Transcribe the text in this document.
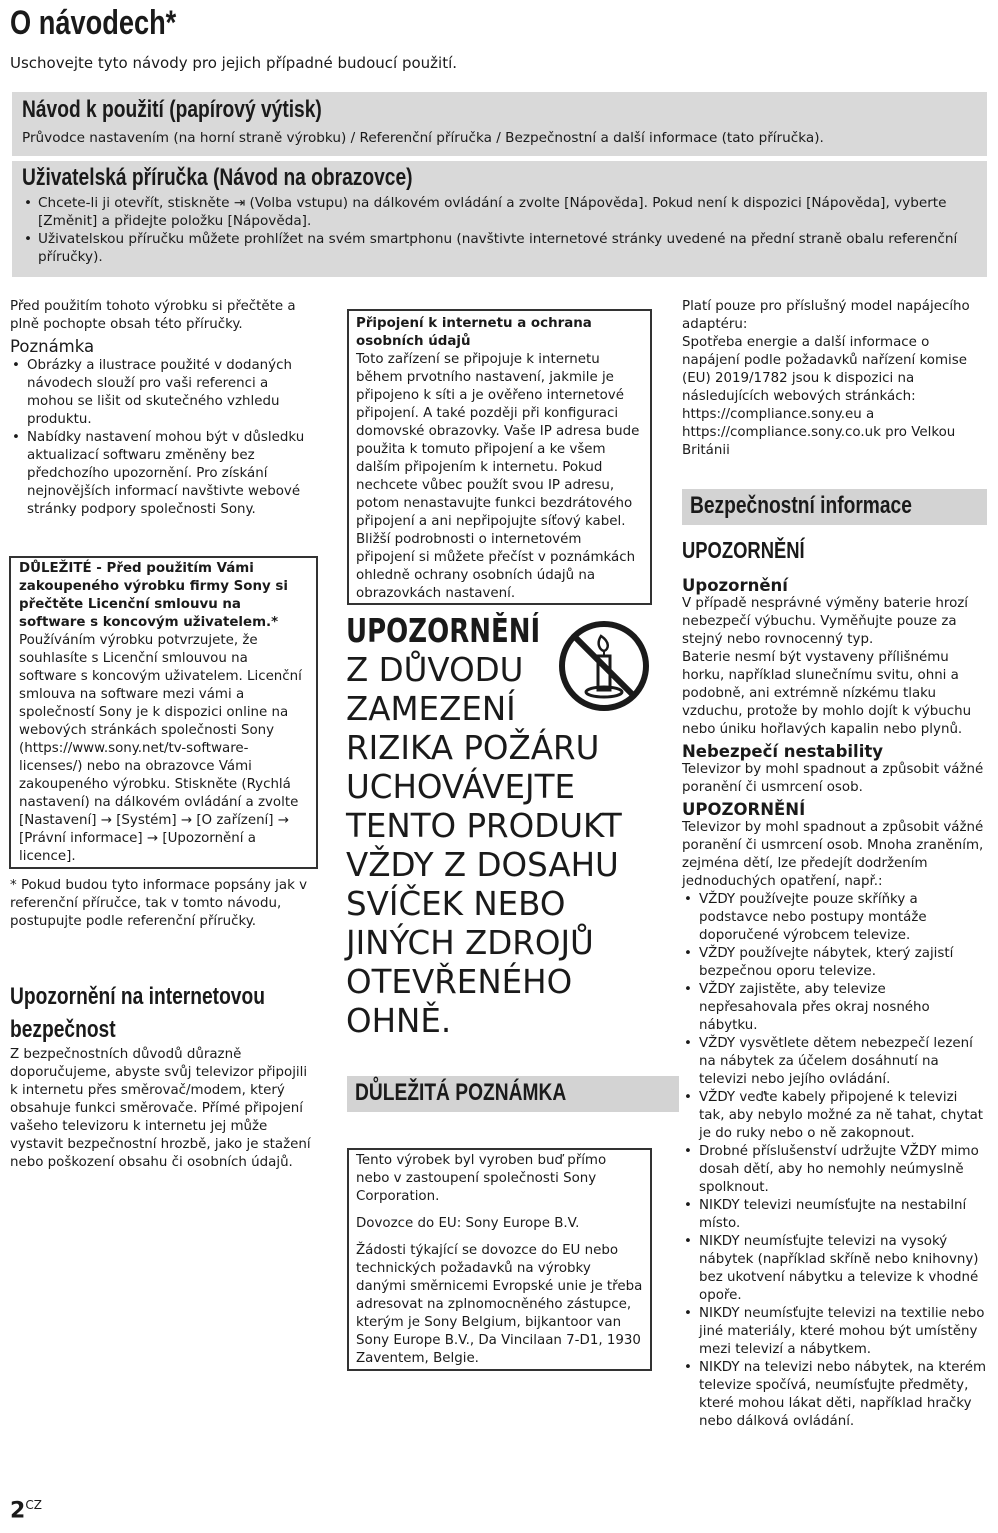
O návodech*
Uschovejte tyto návody pro jejich případné budoucí použití.
Návod k použití (papírový výtisk)
Průvodce nastavením (na horní straně výrobku) / Referenční příručka / Bezpečnostní a další informace (tato příručka).
Uživatelská příručka (Návod na obrazovce)
• Chcete-li ji otevřít, stiskněte ⇥ (Volba vstupu) na dálkovém ovládání a zvolte [Nápověda]. Pokud není k dispozici [Nápověda], vyberte [Změnit] a přidejte položku [Nápověda].
• Uživatelskou příručku můžete prohlížet na svém smartphonu (navštivte internetové stránky uvedené na přední straně obalu referenční příručky).

Před použitím tohoto výrobku si přečtěte a plně pochopte obsah této příručky.

Poznámka
• Obrázky a ilustrace použité v dodaných návodech slouží pro vaši referenci a mohou se lišit od skutečného vzhledu produktu.
• Nabídky nastavení mohou být v důsledku aktualizací softwaru změněny bez předchozího upozornění. Pro získání nejnovějších informací navštivte webové stránky podpory společnosti Sony.
DŮLEŽITÉ - Před použitím Vámi zakoupeného výrobku firmy Sony si přečtěte Licenční smlouvu na software s koncovým uživatelem.* Používáním výrobku potvrzujete, že souhlasíte s Licenční smlouvou na software s koncovým uživatelem. Licenční smlouva na software mezi vámi a společností Sony je k dispozici online na webových stránkách společnosti Sony (https://www.sony.net/tv-software-licenses/) nebo na obrazovce Vámi zakoupeného výrobku. Stiskněte (Rychlá nastavení) na dálkovém ovládání a zvolte [Nastavení] → [Systém] → [O zařízení] → [Právní informace] → [Upozornění a licence].
* Pokud budou tyto informace popsány jak v referenční příručce, tak v tomto návodu, postupujte podle referenční příručky.
Upozornění na internetovou bezpečnost
Z bezpečnostních důvodů důrazně doporučujeme, abyste svůj televizor připojili k internetu přes směrovač/modem, který obsahuje funkci směrovače. Přímé připojení vašeho televizoru k internetu jej může vystavit bezpečnostní hrozbě, jako je stažení nebo poškození obsahu či osobních údajů.
Připojení k internetu a ochrana osobních údajů
Toto zařízení se připojuje k internetu během prvotního nastavení, jakmile je připojeno k síti a je ověřeno internetové připojení. A také později při konfiguraci domovské obrazovky. Vaše IP adresa bude použita k tomuto připojení a ke všem dalším připojením k internetu. Pokud nechcete vůbec použít svou IP adresu, potom nenastavujte funkci bezdrátového připojení a ani nepřipojujte síťový kabel. Bližší podrobnosti o internetovém připojení si můžete přečíst v poznámkách ohledně ochrany osobních údajů na obrazovkách nastavení.
UPOZORNĚNÍ
Z DŮVODU
ZAMEZENÍ
RIZIKA POŽÁRU
UCHOVÁVEJTE
TENTO PRODUKT
VŽDY Z DOSAHU
SVÍČEK NEBO
JINÝCH ZDROJŮ
OTEVŘENÉHO
OHNĚ.
DŮLEŽITÁ POZNÁMKA

Tento výrobek byl vyroben buď přímo nebo v zastoupení společnosti Sony Corporation.

Dovozce do EU: Sony Europe B.V.

Žádosti týkající se dovozce do EU nebo technických požadavků na výrobky danými směrnicemi Evropské unie je třeba adresovat na zplnomocněného zástupce, kterým je Sony Belgium, bijkantoor van Sony Europe B.V., Da Vincilaan 7-D1, 1930 Zaventem, Belgie.

Platí pouze pro příslušný model napájecího adaptéru:

Spotřeba energie a další informace o napájení podle požadavků nařízení komise (EU) 2019/1782 jsou k dispozici na následujících webových stránkách: https://compliance.sony.eu a https://compliance.sony.co.uk pro Velkou Británii

Bezpečnostní informace
UPOZORNĚNÍ
Upozornění

V případě nesprávné výměny baterie hrozí nebezpečí výbuchu. Vyměňujte pouze za stejný nebo rovnocenný typ.

Baterie nesmí být vystaveny přílišnému horku, například slunečnímu svitu, ohni a podobně, ani extrémně nízkému tlaku vzduchu, protože by mohlo dojít k výbuchu nebo úniku hořlavých kapalin nebo plynů.

Nebezpečí nestability

Televizor by mohl spadnout a způsobit vážné poranění či usmrcení osob.

UPOZORNĚNÍ

Televizor by mohl spadnout a způsobit vážné poranění či usmrcení osob. Mnoha zraněním, zejména dětí, lze předejít dodržením jednoduchých opatření, např.:

• VŽDY používejte pouze skříňky a podstavce nebo postupy montáže doporučené výrobcem televize.
• VŽDY používejte nábytek, který zajistí bezpečnou oporu televize.
• VŽDY zajistěte, aby televize nepřesahovala přes okraj nosného nábytku.
• VŽDY vysvětlete dětem nebezpečí lezení na nábytek za účelem dosáhnutí na televizi nebo jejího ovládání.
• VŽDY veďte kabely připojené k televizi tak, aby nebylo možné za ně tahat, chytat je do ruky nebo o ně zakopnout.
• Drobné příslušenství udržujte VŽDY mimo dosah dětí, aby ho nemohly neúmyslně spolknout.
• NIKDY televizi neumísťujte na nestabilní místo.
• NIKDY neumísťujte televizi na vysoký nábytek (například skříně nebo knihovny) bez ukotvení nábytku a televize k vhodné opoře.
• NIKDY neumísťujte televizi na textilie nebo jiné materiály, které mohou být umístěny mezi televizí a nábytkem.
• NIKDY na televizi nebo nábytek, na kterém televize spočívá, neumísťujte předměty, které mohou lákat děti, například hračky nebo dálková ovládání.
$2^{CZ}$
